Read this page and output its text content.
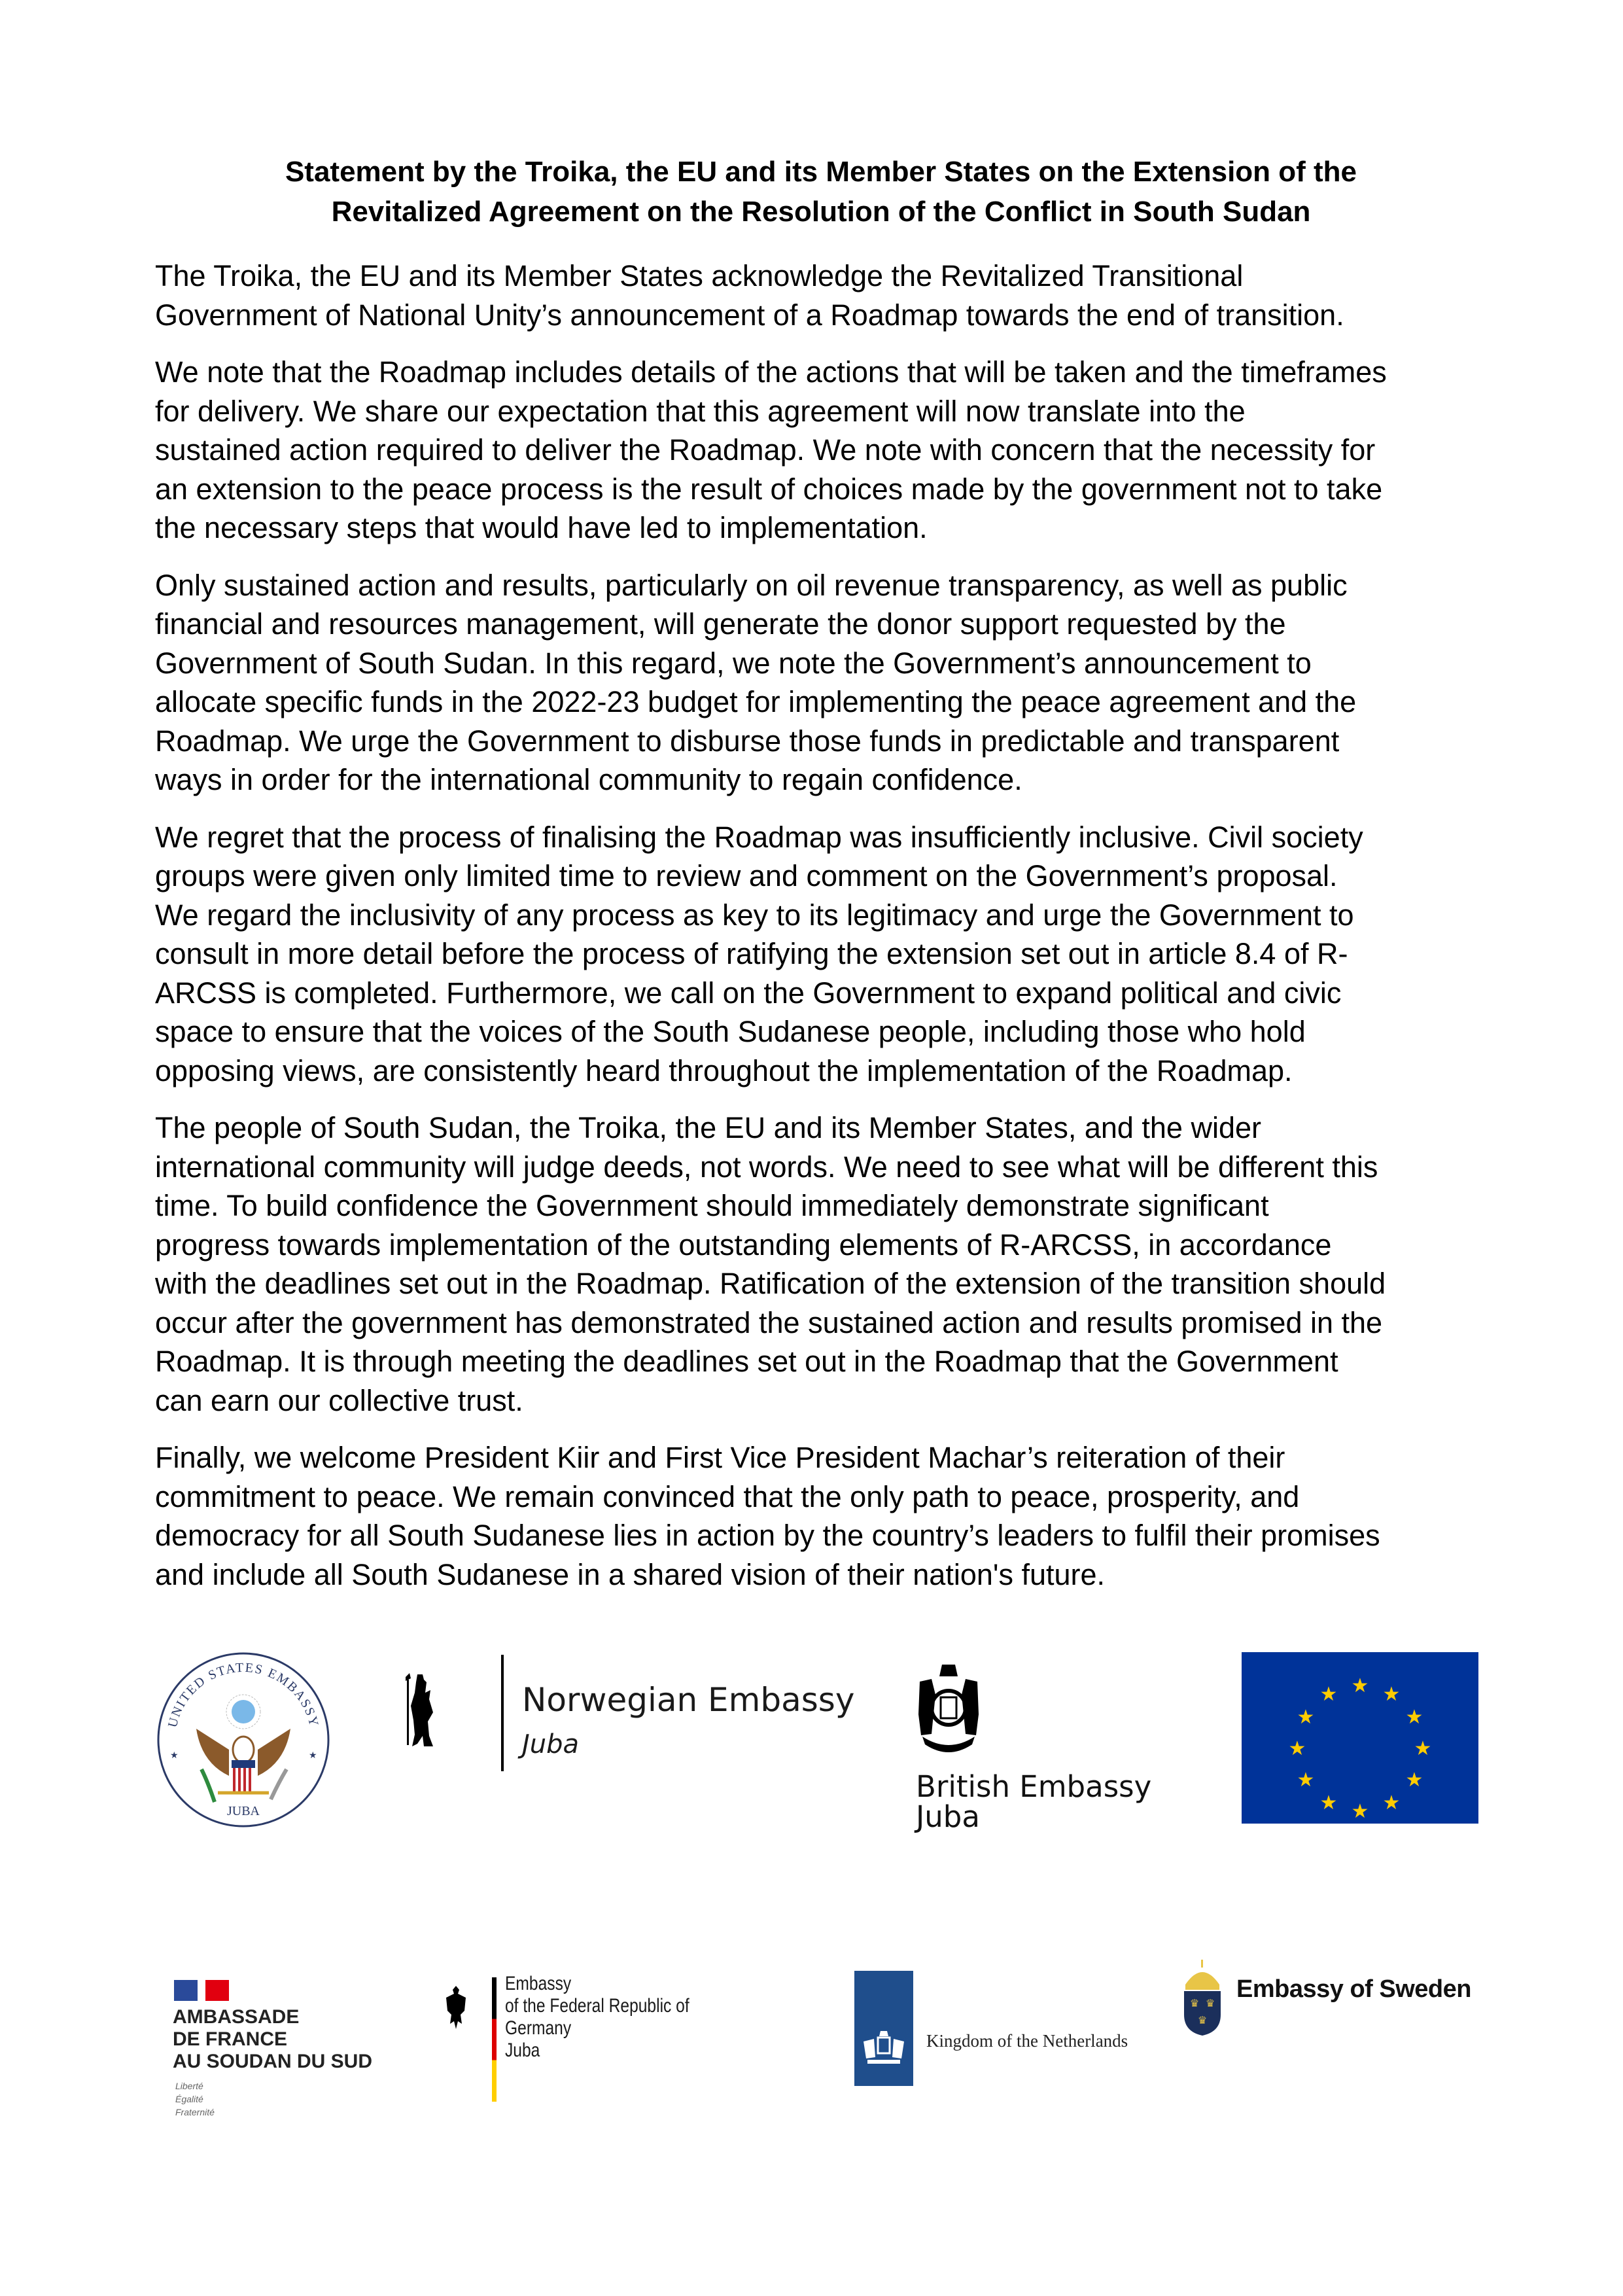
Statement by the Troika, the EU and its Member States on the Extension of the
Revitalized Agreement on the Resolution of the Conflict in South Sudan

The Troika, the EU and its Member States acknowledge the Revitalized Transitional
Government of National Unity’s announcement of a Roadmap towards the end of transition.

We note that the Roadmap includes details of the actions that will be taken and the timeframes
for delivery. We share our expectation that this agreement will now translate into the
sustained action required to deliver the Roadmap. We note with concern that the necessity for
an extension to the peace process is the result of choices made by the government not to take
the necessary steps that would have led to implementation.

Only sustained action and results, particularly on oil revenue transparency, as well as public
financial and resources management, will generate the donor support requested by the
Government of South Sudan. In this regard, we note the Government’s announcement to
allocate specific funds in the 2022-23 budget for implementing the peace agreement and the
Roadmap. We urge the Government to disburse those funds in predictable and transparent
ways in order for the international community to regain confidence.

We regret that the process of finalising the Roadmap was insufficiently inclusive. Civil society
groups were given only limited time to review and comment on the Government’s proposal.
We regard the inclusivity of any process as key to its legitimacy and urge the Government to
consult in more detail before the process of ratifying the extension set out in article 8.4 of R-
ARCSS is completed. Furthermore, we call on the Government to expand political and civic
space to ensure that the voices of the South Sudanese people, including those who hold
opposing views, are consistently heard throughout the implementation of the Roadmap.

The people of South Sudan, the Troika, the EU and its Member States, and the wider
international community will judge deeds, not words. We need to see what will be different this
time. To build confidence the Government should immediately demonstrate significant
progress towards implementation of the outstanding elements of R-ARCSS, in accordance
with the deadlines set out in the Roadmap. Ratification of the extension of the transition should
occur after the government has demonstrated the sustained action and results promised in the
Roadmap. It is through meeting the deadlines set out in the Roadmap that the Government
can earn our collective trust.

Finally, we welcome President Kiir and First Vice President Machar’s reiteration of their
commitment to peace. We remain convinced that the only path to peace, prosperity, and
democracy for all South Sudanese lies in action by the country’s leaders to fulfil their promises
and include all South Sudanese in a shared vision of their nation's future.

UNITED STATES EMBASSY
JUBA
★	★
Norwegian Embassy
Juba
British Embassy
Juba
★ ★
★
★
★
★
★
★
★
★
★
★
AMBASSADE
DE FRANCE
AU SOUDAN DU SUD
Liberté
Égalité
Fraternité
Embassy
of the Federal Republic of Germany
Juba	Kingdom of the Netherlands
♛ ♛
♛
Embassy of Sweden
